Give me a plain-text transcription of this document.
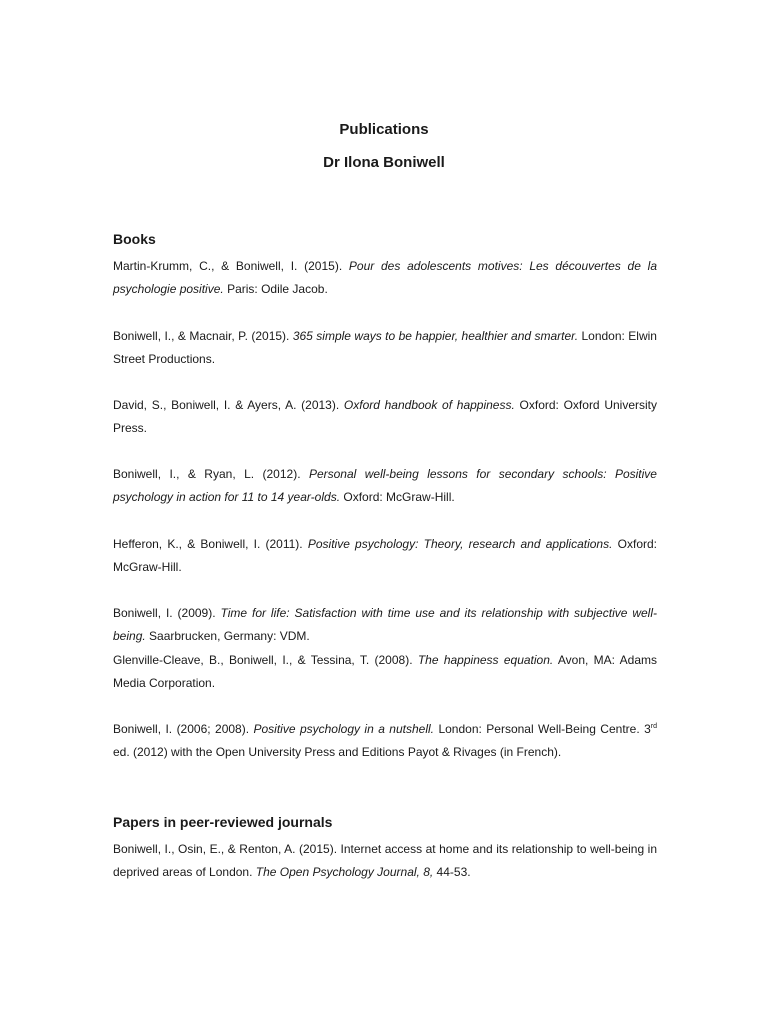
Publications
Dr Ilona Boniwell
Books

Martin-Krumm, C., & Boniwell, I. (2015). Pour des adolescents motives: Les découvertes de la psychologie positive. Paris: Odile Jacob.

Boniwell, I., & Macnair, P. (2015). 365 simple ways to be happier, healthier and smarter. London: Elwin Street Productions.

David, S., Boniwell, I. & Ayers, A. (2013). Oxford handbook of happiness. Oxford: Oxford University Press.

Boniwell, I., & Ryan, L. (2012). Personal well-being lessons for secondary schools: Positive psychology in action for 11 to 14 year-olds. Oxford: McGraw-Hill.

Hefferon, K., & Boniwell, I. (2011). Positive psychology: Theory, research and applications. Oxford: McGraw-Hill.

Boniwell, I. (2009). Time for life: Satisfaction with time use and its relationship with subjective well-being. Saarbrucken, Germany: VDM.

Glenville-Cleave, B., Boniwell, I., & Tessina, T. (2008). The happiness equation. Avon, MA: Adams Media Corporation.

Boniwell, I. (2006; 2008). Positive psychology in a nutshell. London: Personal Well-Being Centre. 3rd ed. (2012) with the Open University Press and Editions Payot & Rivages (in French).

Papers in peer-reviewed journals

Boniwell, I., Osin, E., & Renton, A. (2015). Internet access at home and its relationship to well-being in deprived areas of London. The Open Psychology Journal, 8, 44-53.
